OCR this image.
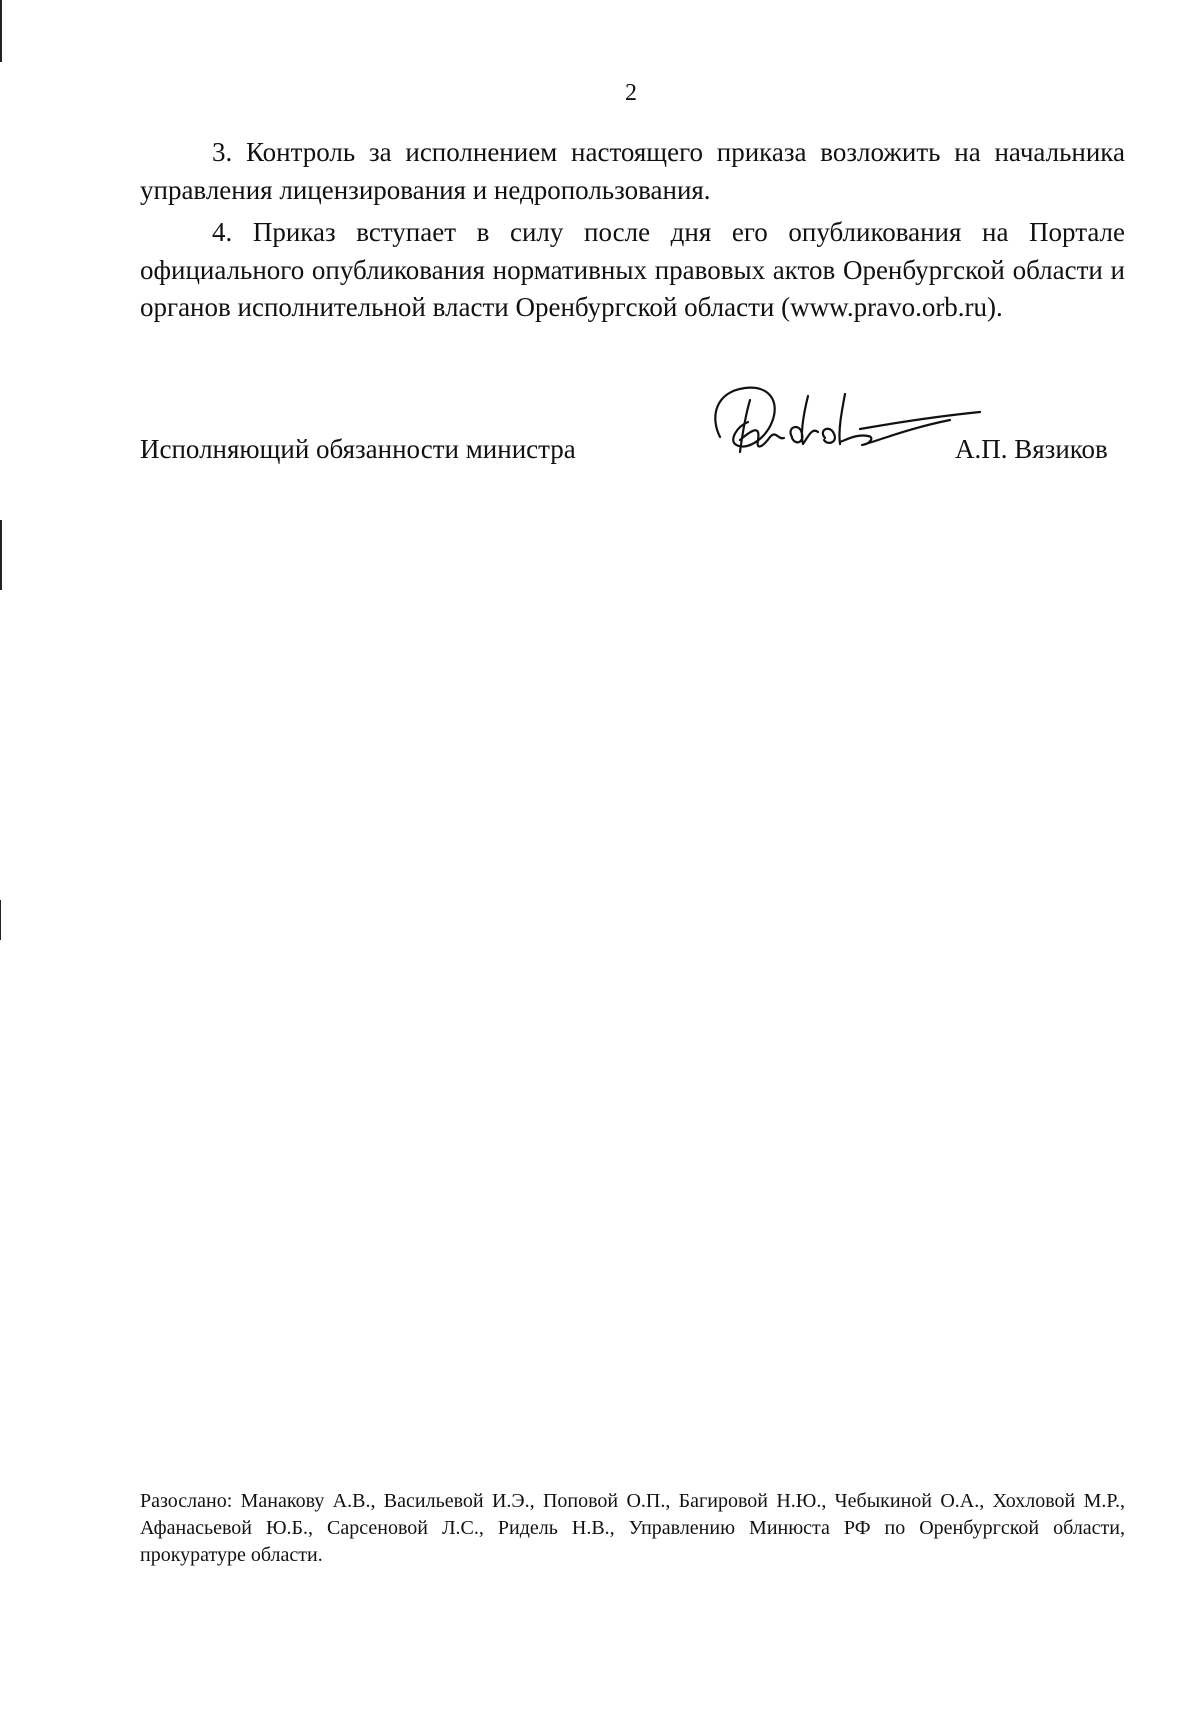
2

3. Контроль за исполнением настоящего приказа возложить на начальника управления лицензирования и недропользования.

4. Приказ вступает в силу после дня его опубликования на Портале официального опубликования нормативных правовых актов Оренбургской области и органов исполнительной власти Оренбургской области (www.pravo.orb.ru).

Исполняющий обязанности министра	А.П. Вязиков

Разослано: Манакову А.В., Васильевой И.Э., Поповой О.П., Багировой Н.Ю., Чебыкиной О.А., Хохловой М.Р., Афанасьевой Ю.Б., Сарсеновой Л.С., Ридель Н.В., Управлению Минюста РФ по Оренбургской области, прокуратуре области.
